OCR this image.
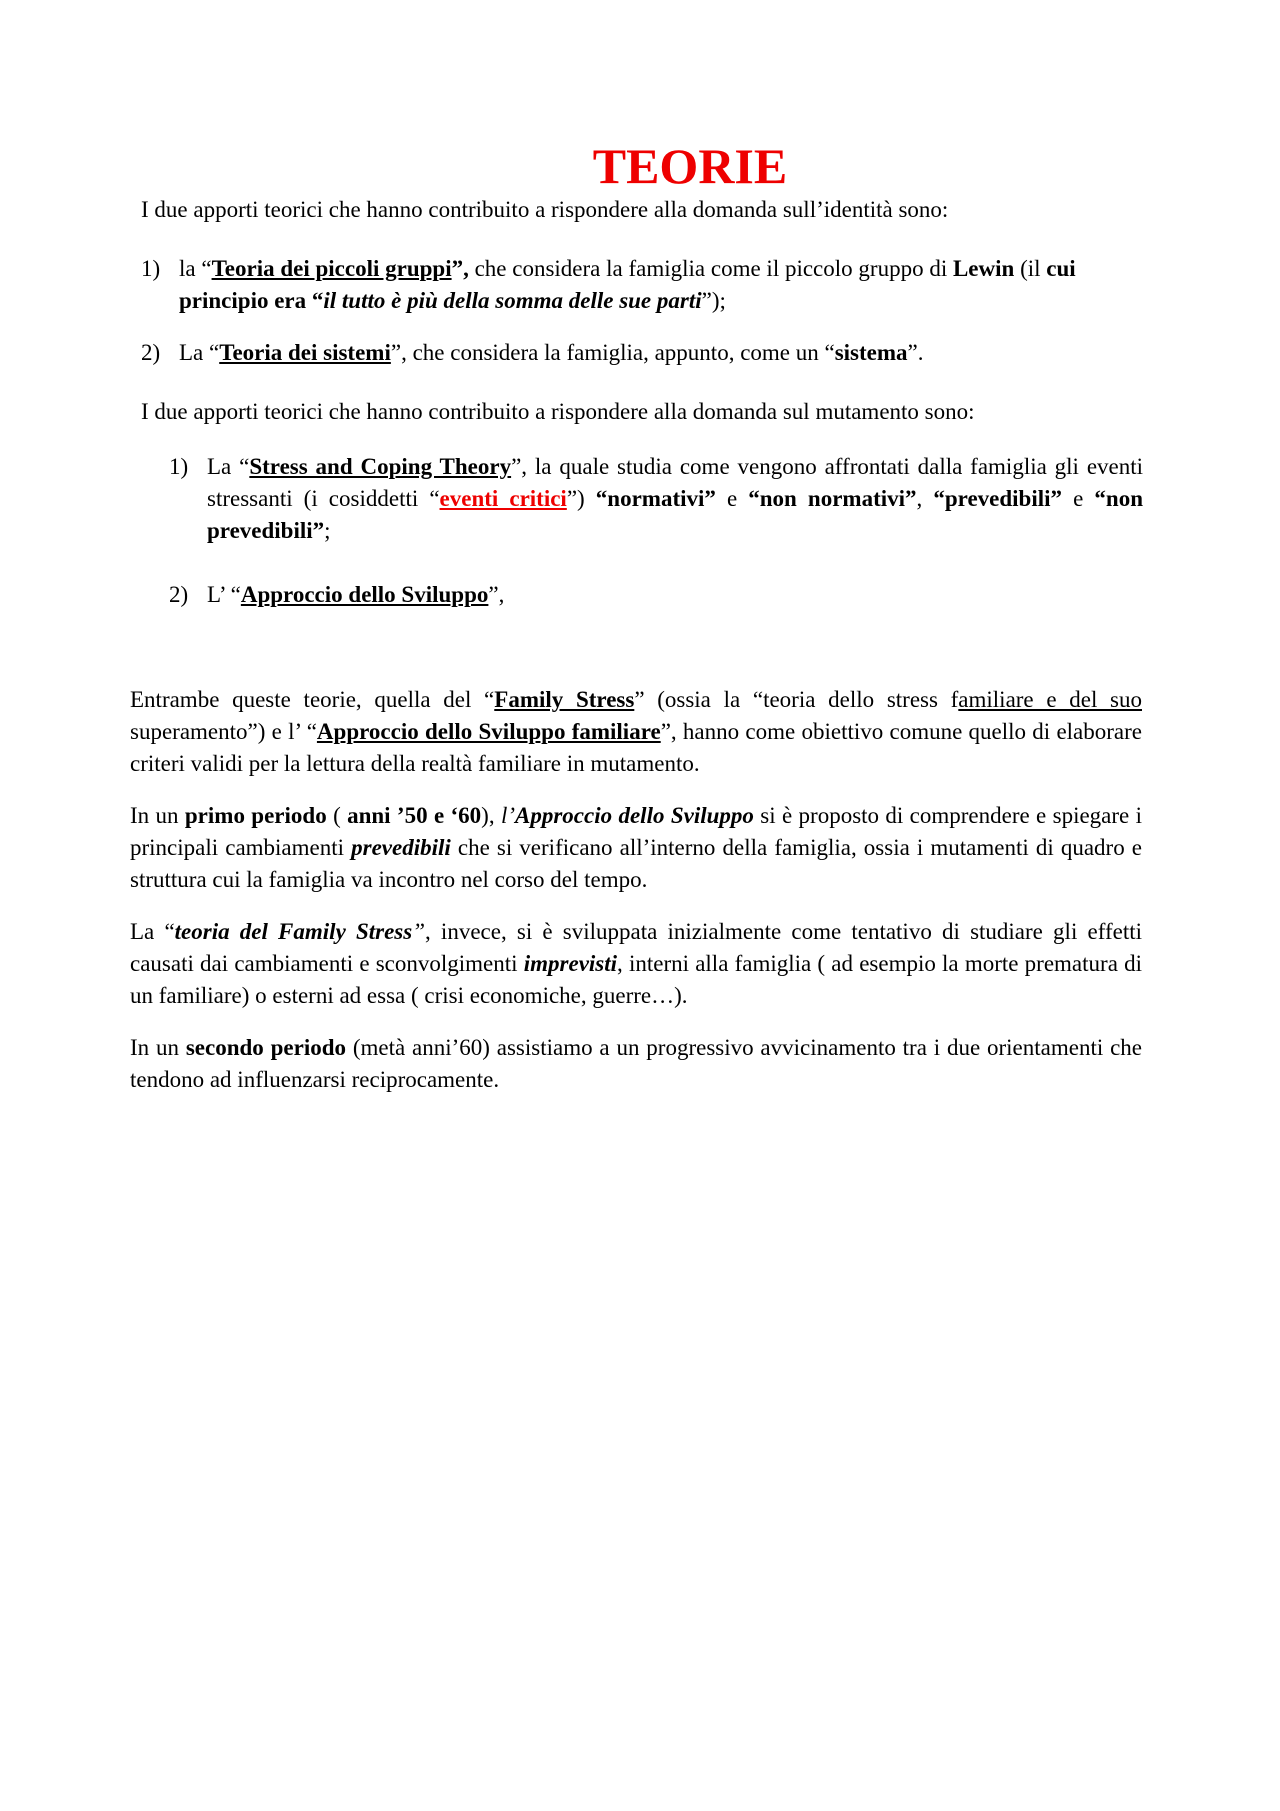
TEORIE
I due apporti teorici che hanno contribuito a rispondere alla domanda sull’identità sono:
1) la “Teoria dei piccoli gruppi”, che considera la famiglia come il piccolo gruppo di Lewin (il cui principio era “il tutto è più della somma delle sue parti”);
2) La “Teoria dei sistemi”, che considera la famiglia, appunto, come un “sistema”.
I due apporti teorici che hanno contribuito a rispondere alla domanda sul mutamento sono:
1) La “Stress and Coping Theory”, la quale studia come vengono affrontati dalla famiglia gli eventi stressanti (i cosiddetti “eventi critici”) “normativi” e “non normativi”, “prevedibili” e “non prevedibili”;
2) L’ “Approccio dello Sviluppo”,
Entrambe queste teorie, quella del “Family Stress” (ossia la “teoria dello stress familiare e del suo superamento”) e l’ “Approccio dello Sviluppo familiare”, hanno come obiettivo comune quello di elaborare criteri validi per la lettura della realtà familiare in mutamento.
In un primo periodo ( anni ’50 e ‘60), l’Approccio dello Sviluppo si è proposto di comprendere e spiegare i principali cambiamenti prevedibili che si verificano all’interno della famiglia, ossia i mutamenti di quadro e struttura cui la famiglia va incontro nel corso del tempo.
La “teoria del Family Stress”, invece, si è sviluppata inizialmente come tentativo di studiare gli effetti causati dai cambiamenti e sconvolgimenti imprevisti, interni alla famiglia ( ad esempio la morte prematura di un familiare) o esterni ad essa ( crisi economiche, guerre…).
In un secondo periodo (metà anni’60) assistiamo a un progressivo avvicinamento tra i due orientamenti che tendono ad influenzarsi reciprocamente.
